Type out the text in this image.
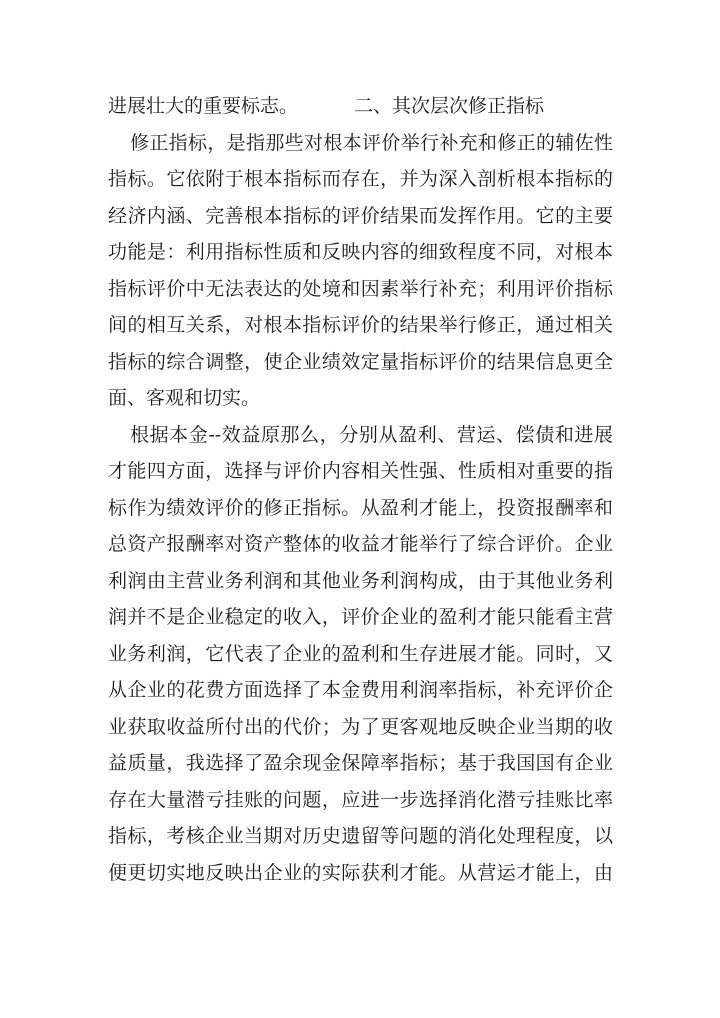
进展壮大的重要标志。	二、其次层次修正指标
修正指标，是指那些对根本评价举行补充和修正的辅佐性
指标。它依附于根本指标而存在，并为深入剖析根本指标的
经济内涵、完善根本指标的评价结果而发挥作用。它的主要
功能是：利用指标性质和反映内容的细致程度不同，对根本
指标评价中无法表达的处境和因素举行补充；利用评价指标
间的相互关系，对根本指标评价的结果举行修正，通过相关
指标的综合调整，使企业绩效定量指标评价的结果信息更全
面、客观和切实。
根据本金--效益原那么，分别从盈利、营运、偿债和进展
才能四方面，选择与评价内容相关性强、性质相对重要的指
标作为绩效评价的修正指标。从盈利才能上，投资报酬率和
总资产报酬率对资产整体的收益才能举行了综合评价。企业
利润由主营业务利润和其他业务利润构成，由于其他业务利
润并不是企业稳定的收入，评价企业的盈利才能只能看主营
业务利润，它代表了企业的盈利和生存进展才能。同时，又
从企业的花费方面选择了本金费用利润率指标，补充评价企
业获取收益所付出的代价；为了更客观地反映企业当期的收
益质量，我选择了盈余现金保障率指标；基于我国国有企业
存在大量潜亏挂账的问题，应进一步选择消化潜亏挂账比率
指标，考核企业当期对历史遗留等问题的消化处理程度，以
便更切实地反映出企业的实际获利才能。从营运才能上，由
